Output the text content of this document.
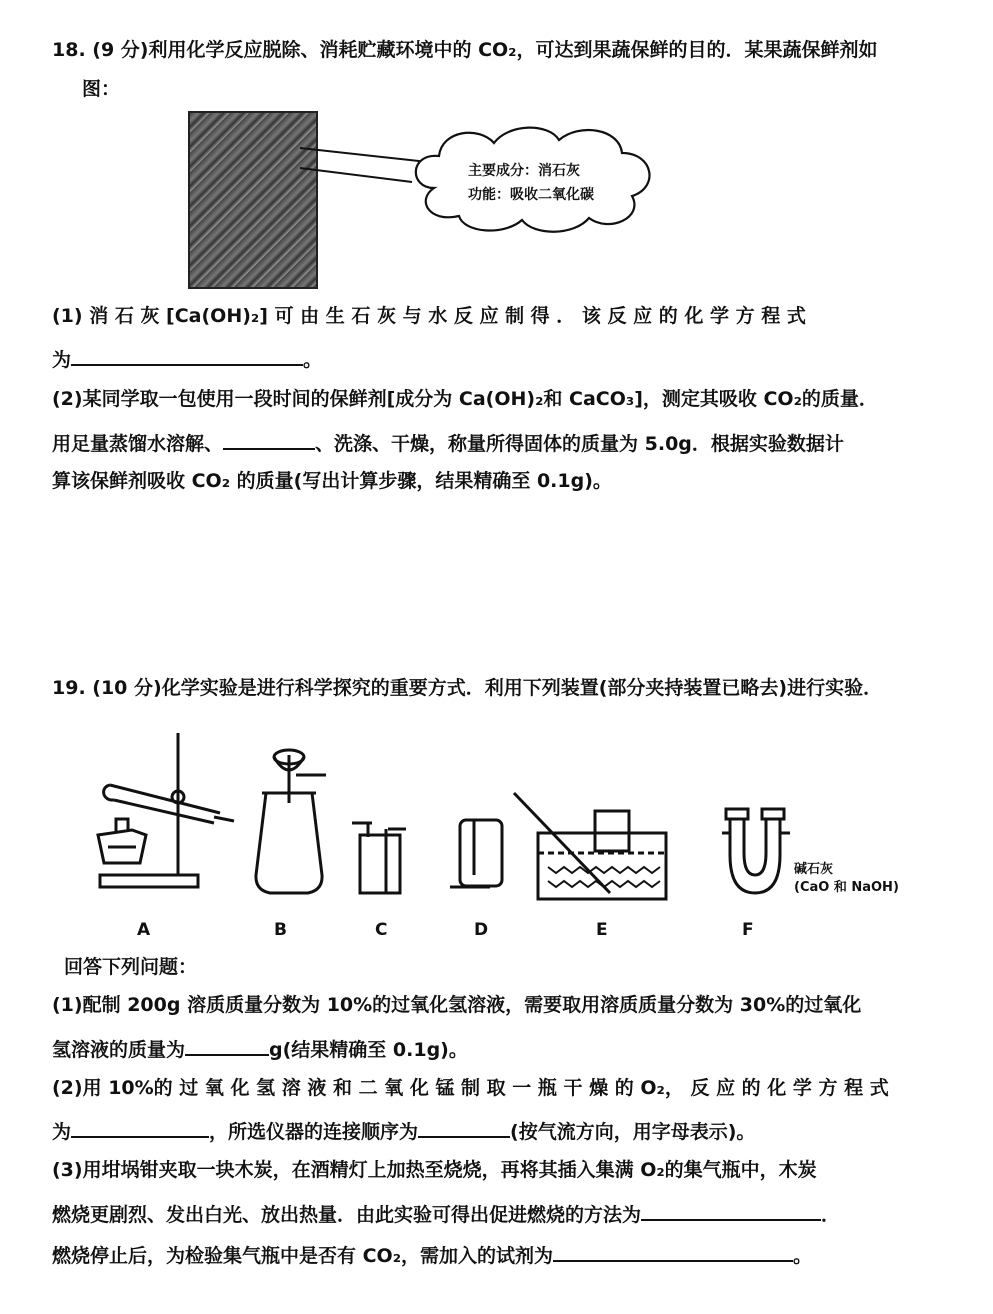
18. (9 分)利用化学反应脱除、消耗贮藏环境中的 CO₂，可达到果蔬保鲜的目的．某果蔬保鲜剂如
图：
主要成分：消石灰
功能：吸收二氧化碳
(1) 消 石 灰 [Ca(OH)₂] 可 由 生 石 灰 与 水 反 应 制 得 ． 该 反 应 的 化 学 方 程 式
为	。
(2)某同学取一包使用一段时间的保鲜剂[成分为 Ca(OH)₂和 CaCO₃]，测定其吸收 CO₂的质量．
用足量蒸馏水溶解、	、洗涤、干燥，称量所得固体的质量为 5.0g．根据实验数据计
算该保鲜剂吸收 CO₂ 的质量(写出计算步骤，结果精确至 0.1g)。
19. (10 分)化学实验是进行科学探究的重要方式．利用下列装置(部分夹持装置已略去)进行实验．
A	B	C	D	E	F
碱石灰
(CaO 和 NaOH)
回答下列问题：
(1)配制 200g 溶质质量分数为 10%的过氧化氢溶液，需要取用溶质质量分数为 30%的过氧化
氢溶液的质量为	g(结果精确至 0.1g)。
(2)用 10%的 过 氧 化 氢 溶 液 和 二 氧 化 锰 制 取 一 瓶 干 燥 的 O₂， 反 应 的 化 学 方 程 式
为	，所选仪器的连接顺序为	(按气流方向，用字母表示)。
(3)用坩埚钳夹取一块木炭，在酒精灯上加热至烧烧，再将其插入集满 O₂的集气瓶中，木炭
燃烧更剧烈、发出白光、放出热量．由此实验可得出促进燃烧的方法为	．
燃烧停止后，为检验集气瓶中是否有 CO₂，需加入的试剂为	。
